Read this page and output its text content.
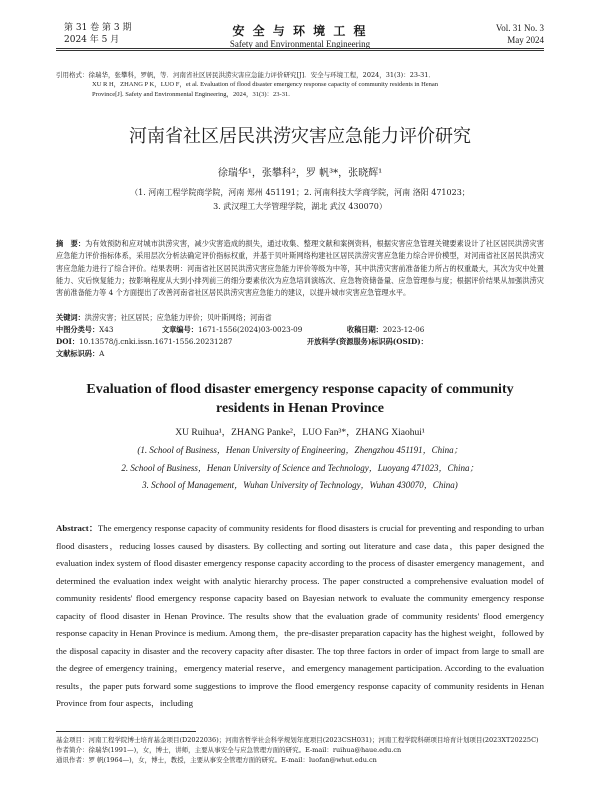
第 31 卷 第 3 期
2024 年 5 月
安 全 与 环 境 工 程
Safety and Environmental Engineering
Vol. 31 No. 3
May 2024
引用格式：徐瑞华，张攀科，罗帆，等．河南省社区居民洪涝灾害应急能力评价研究[J]．安全与环境工程，2024，31(3)：23-31．
XU R H，ZHANG P K，LUO F，et al. Evaluation of flood disaster emergency response capacity of community residents in Henan
Province[J]. Safety and Environmental Engineering，2024，31(3)：23-31.
河南省社区居民洪涝灾害应急能力评价研究
徐瑞华¹，张攀科²，罗 帆³*，张晓辉¹
（1. 河南工程学院商学院，河南 郑州 451191；2. 河南科技大学商学院，河南 洛阳 471023；
3. 武汉理工大学管理学院，湖北 武汉 430070）
摘　要：为有效预防和应对城市洪涝灾害，减少灾害造成的损失，通过收集、整理文献和案例资料，根据灾害应急管理关键要素设计了社区居民洪涝灾害应急能力评价指标体系，采用层次分析法确定评价指标权重，并基于贝叶斯网络构建社区居民洪涝灾害应急能力综合评价模型，对河南省社区居民洪涝灾害应急能力进行了综合评价。结果表明：河南省社区居民洪涝灾害应急能力评价等级为中等，其中洪涝灾害前准备能力所占的权重最大，其次为灾中处置能力、灾后恢复能力；按影响程度从大到小排列前三的细分要素依次为应急培训演练次、应急物资储备量、应急管理参与度；根据评价结果从加强洪涝灾害前准备能力等 4 个方面提出了改善河南省社区居民洪涝灾害应急能力的建议，以提升城市灾害应急管理水平。
关键词：洪涝灾害；社区居民；应急能力评价；贝叶斯网络；河南省
中图分类号：X43	文章编号：1671-1556(2024)03-0023-09	收稿日期：2023-12-06
DOI：10.13578/j.cnki.issn.1671-1556.20231287	开放科学(资源服务)标识码(OSID)：
文献标识码：A
Evaluation of flood disaster emergency response capacity of community
residents in Henan Province
XU Ruihua¹，ZHANG Panke²，LUO Fan³*，ZHANG Xiaohui¹
(1. School of Business，Henan University of Engineering，Zhengzhou 451191，China；
2. School of Business，Henan University of Science and Technology，Luoyang 471023，China；
3. School of Management，Wuhan University of Technology，Wuhan 430070，China)
Abstract：The emergency response capacity of community residents for flood disasters is crucial for preventing and responding to urban flood disasters，reducing losses caused by disasters. By collecting and sorting out literature and case data，this paper designed the evaluation index system of flood disaster emergency response capacity according to the process of disaster emergency management，and determined the evaluation index weight with analytic hierarchy process. The paper constructed a comprehensive evaluation model of community residents' flood emergency response capacity based on Bayesian network to evaluate the community emergency response capacity of flood disaster in Henan Province. The results show that the evaluation grade of community residents' flood emergency response capacity in Henan Province is medium. Among them，the pre-disaster preparation capacity has the highest weight，followed by the disposal capacity in disaster and the recovery capacity after disaster. The top three factors in order of impact from large to small are the degree of emergency training，emergency material reserve，and emergency management participation. According to the evaluation results，the paper puts forward some suggestions to improve the flood emergency response capacity of community residents in Henan Province from four aspects，including
基金项目：河南工程学院博士培育基金项目(D2022036)；河南省哲学社会科学规划年度项目(2023CSH031)；河南工程学院科研项目培育计划项目(2023XT20225C)
作者简介：徐瑞华(1991—)，女，博士，讲师，主要从事安全与应急管理方面的研究。E-mail：ruihua@haue.edu.cn
通讯作者：罗 帆(1964—)，女，博士，教授，主要从事安全管理方面的研究。E-mail：luofan@whut.edu.cn
